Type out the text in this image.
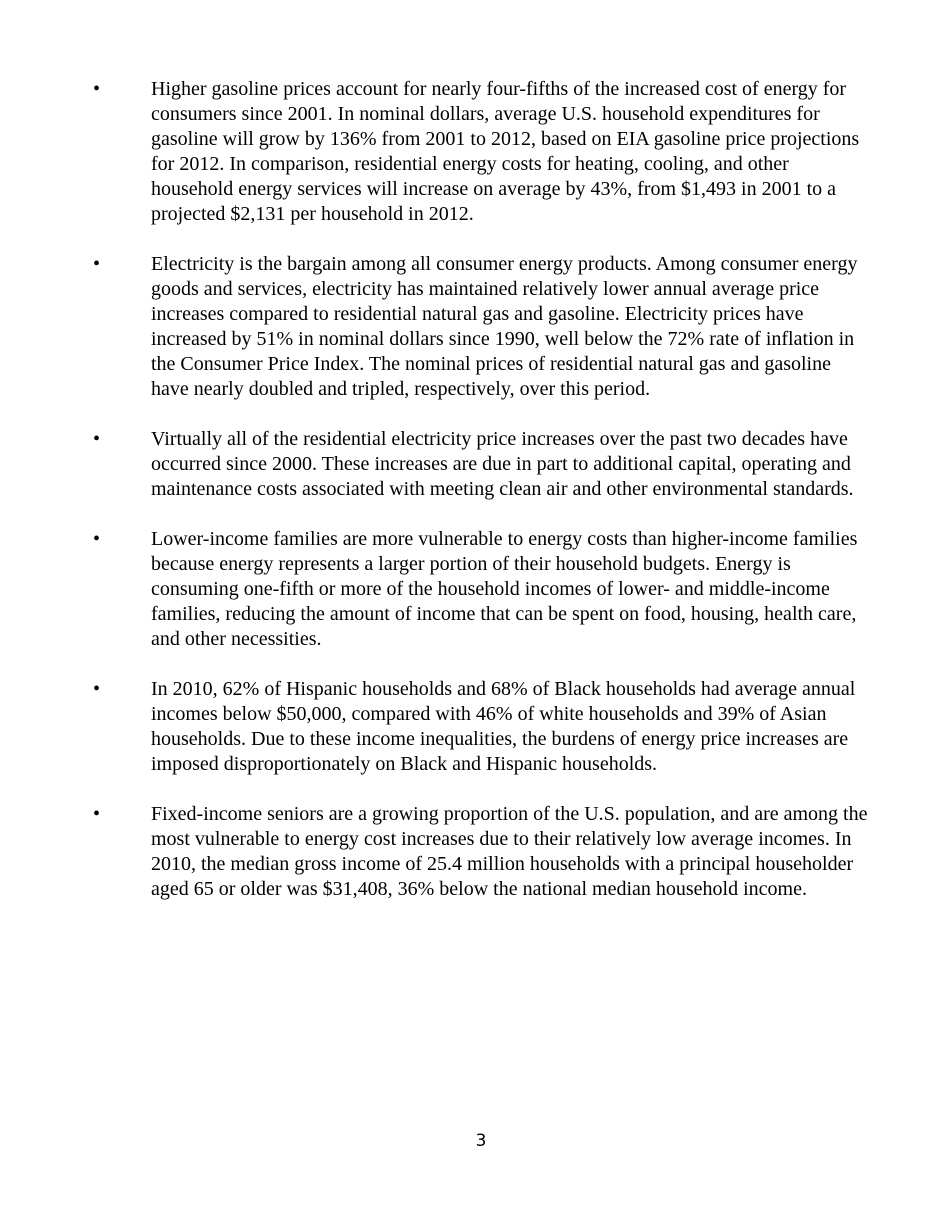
•	Higher gasoline prices account for nearly four-fifths of the increased cost of energy for consumers since 2001. In nominal dollars, average U.S. household expenditures for gasoline will grow by 136% from 2001 to 2012, based on EIA gasoline price projections for 2012. In comparison, residential energy costs for heating, cooling, and other household energy services will increase on average by 43%, from $1,493 in 2001 to a projected $2,131 per household in 2012.
•	Electricity is the bargain among all consumer energy products. Among consumer energy goods and services, electricity has maintained relatively lower annual average price increases compared to residential natural gas and gasoline. Electricity prices have increased by 51% in nominal dollars since 1990, well below the 72% rate of inflation in the Consumer Price Index. The nominal prices of residential natural gas and gasoline have nearly doubled and tripled, respectively, over this period.
•	Virtually all of the residential electricity price increases over the past two decades have occurred since 2000. These increases are due in part to additional capital, operating and maintenance costs associated with meeting clean air and other environmental standards.
•	Lower-income families are more vulnerable to energy costs than higher-income families because energy represents a larger portion of their household budgets. Energy is consuming one-fifth or more of the household incomes of lower- and middle-income families, reducing the amount of income that can be spent on food, housing, health care, and other necessities.
•	In 2010, 62% of Hispanic households and 68% of Black households had average annual incomes below $50,000, compared with 46% of white households and 39% of Asian households. Due to these income inequalities, the burdens of energy price increases are imposed disproportionately on Black and Hispanic households.
•	Fixed-income seniors are a growing proportion of the U.S. population, and are among the most vulnerable to energy cost increases due to their relatively low average incomes. In 2010, the median gross income of 25.4 million households with a principal householder aged 65 or older was $31,408, 36% below the national median household income.
3
